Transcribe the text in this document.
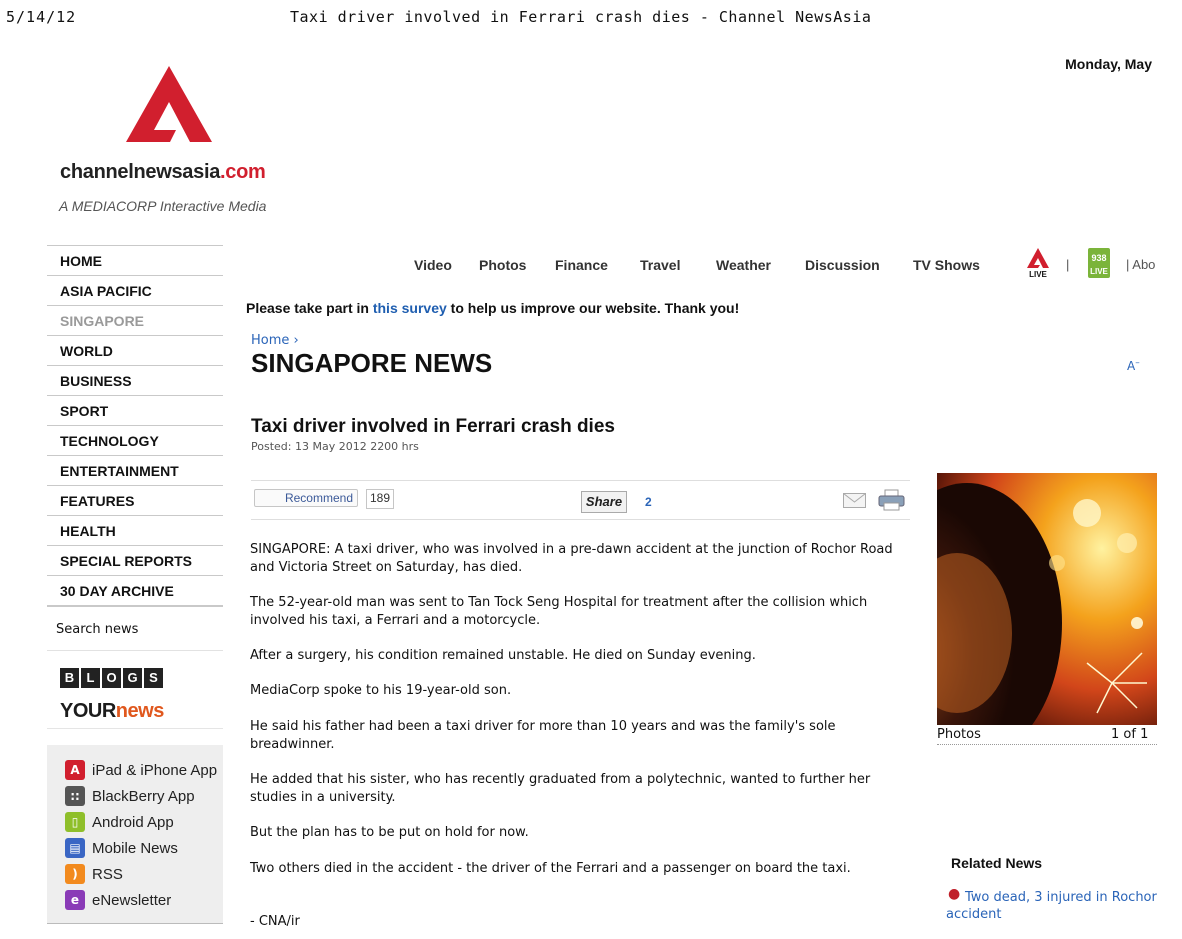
5/14/12	Taxi driver involved in Ferrari crash dies - Channel NewsAsia
Monday, May
channelnewsasia.com
A MEDIACORP Interactive Media
HOME
ASIA PACIFIC
SINGAPORE
WORLD
BUSINESS
SPORT
TECHNOLOGY
ENTERTAINMENT
FEATURES
HEALTH
SPECIAL REPORTS
30 DAY ARCHIVE
Search news
B L O G S
YOURnews
A iPad & iPhone App
:: BlackBerry App
▯ Android App
▤ Mobile News
) RSS
e eNewsletter
Video Photos Finance Travel	Weather Discussion TV Shows
LIVE
| 938
LIVE | Abo
Please take part in this survey to help us improve our website. Thank you!
Home ›
SINGAPORE NEWS	A–
Taxi driver involved in Ferrari crash dies
Posted: 13 May 2012 2200 hrs
Recommend	189	Share	2

SINGAPORE: A taxi driver, who was involved in a pre-dawn accident at the junction of Rochor Road and Victoria Street on Saturday, has died.

The 52-year-old man was sent to Tan Tock Seng Hospital for treatment after the collision which involved his taxi, a Ferrari and a motorcycle.

After a surgery, his condition remained unstable. He died on Sunday evening.

MediaCorp spoke to his 19-year-old son.

He said his father had been a taxi driver for more than 10 years and was the family's sole breadwinner.

He added that his sister, who has recently graduated from a polytechnic, wanted to further her studies in a university.

But the plan has to be put on hold for now.

Two others died in the accident - the driver of the Ferrari and a passenger on board the taxi.

- CNA/ir

Photos	1 of 1
Related News
● Two dead, 3 injured in Rochor accident
